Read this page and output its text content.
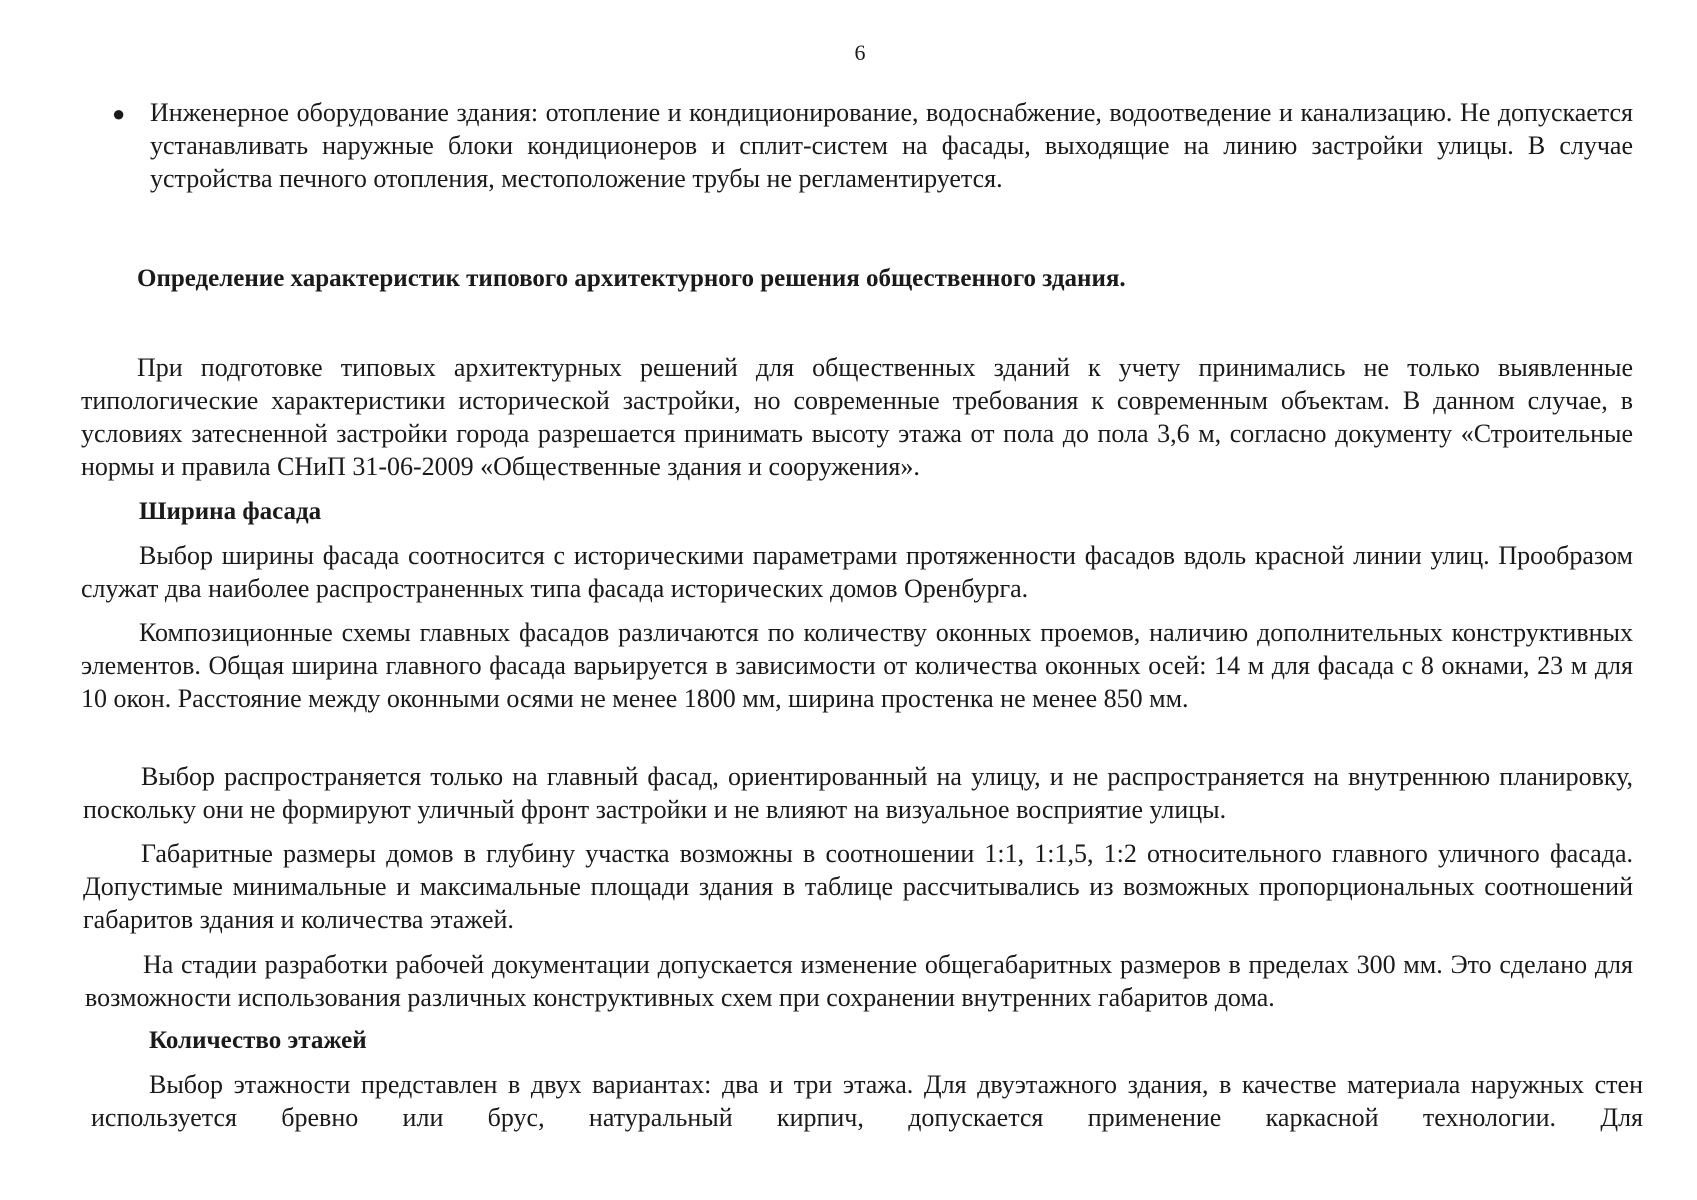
6
● Инженерное оборудование здания: отопление и кондиционирование, водоснабжение, водоотведение и канализацию. Не допускается устанавливать наружные блоки кондиционеров и сплит-систем на фасады, выходящие на линию застройки улицы. В случае устройства печного отопления, местоположение трубы не регламентируется.
Определение характеристик типового архитектурного решения общественного здания.
При подготовке типовых архитектурных решений для общественных зданий к учету принимались не только выявленные типологические характеристики исторической застройки, но современные требования к современным объектам. В данном случае, в условиях затесненной застройки города разрешается принимать высоту этажа от пола до пола 3,6 м, согласно документу «Строительные нормы и правила СНиП 31-06-2009 «Общественные здания и сооружения».
Ширина фасада
Выбор ширины фасада соотносится с историческими параметрами протяженности фасадов вдоль красной линии улиц. Прообразом служат два наиболее распространенных типа фасада исторических домов Оренбурга.
Композиционные схемы главных фасадов различаются по количеству оконных проемов, наличию дополнительных конструктивных элементов. Общая ширина главного фасада варьируется в зависимости от количества оконных осей: 14 м для фасада с 8 окнами, 23 м для 10 окон. Расстояние между оконными осями не менее 1800 мм, ширина простенка не менее 850 мм.
Выбор распространяется только на главный фасад, ориентированный на улицу, и не распространяется на внутреннюю планировку, поскольку они не формируют уличный фронт застройки и не влияют на визуальное восприятие улицы.
Габаритные размеры домов в глубину участка возможны в соотношении 1:1, 1:1,5, 1:2 относительного главного уличного фасада. Допустимые минимальные и максимальные площади здания в таблице рассчитывались из возможных пропорциональных соотношений габаритов здания и количества этажей.
На стадии разработки рабочей документации допускается изменение общегабаритных размеров в пределах 300 мм. Это сделано для возможности использования различных конструктивных схем при сохранении внутренних габаритов дома.
Количество этажей
Выбор этажности представлен в двух вариантах: два и три этажа. Для двуэтажного здания, в качестве материала наружных стен используется бревно или брус, натуральный кирпич, допускается применение каркасной технологии. Для
